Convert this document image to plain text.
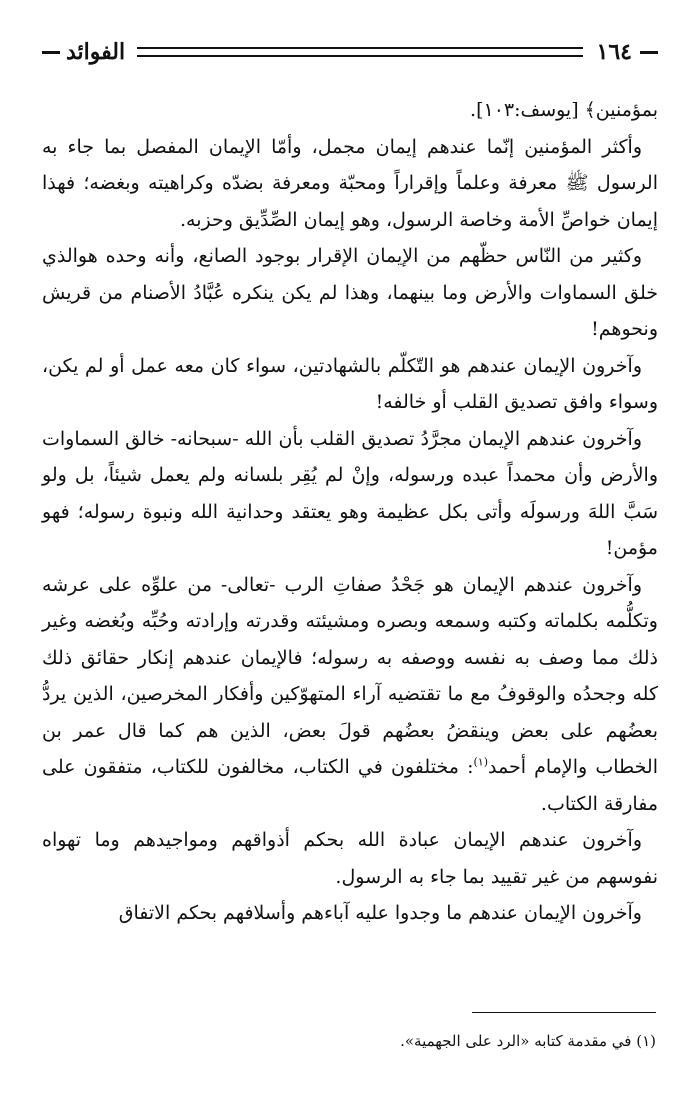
١٦٤
الفوائد

بمؤمنين﴾ [يوسف:١٠٣].

وأكثر المؤمنين إنّما عندهم إيمان مجمل، وأمّا الإيمان المفصل بما جاء به الرسول ﷺ معرفة وعلماً وإقراراً ومحبّة ومعرفة بضدّه وكراهيته وبغضه؛ فهذا إيمان خواصِّ الأمة وخاصة الرسول، وهو إيمان الصِّدِّيق وحزبه.

وكثير من النّاس حظّهم من الإيمان الإقرار بوجود الصانع، وأنه وحده هوالذي خلق السماوات والأرض وما بينهما، وهذا لم يكن ينكره عُبَّادُ الأصنام من قريش ونحوهم!

وآخرون الإيمان عندهم هو التّكلّم بالشهادتين، سواء كان معه عمل أو لم يكن، وسواء وافق تصديق القلب أو خالفه!

وآخرون عندهم الإيمان مجرَّدُ تصديق القلب بأن الله -سبحانه- خالق السماوات والأرض وأن محمداً عبده ورسوله، وإنْ لم يُقِر بلسانه ولم يعمل شيئاً، بل ولو سَبَّ اللهَ ورسولَه وأتى بكل عظيمة وهو يعتقد وحدانية الله ونبوة رسوله؛ فهو مؤمن!

وآخرون عندهم الإيمان هو جَحْدُ صفاتِ الرب -تعالى- من علوِّه على عرشه وتكلُّمه بكلماته وكتبه وسمعه وبصره ومشيئته وقدرته وإرادته وحُبِّه وبُغضه وغير ذلك مما وصف به نفسه ووصفه به رسوله؛ فالإيمان عندهم إنكار حقائق ذلك كله وجحدُه والوقوفُ مع ما تقتضيه آراء المتهوّكين وأفكار المخرصين، الذين يردُّ بعضُهم على بعض وينقضُ بعضُهم قولَ بعض، الذين هم كما قال عمر بن الخطاب والإمام أحمد$^{(١)}$: مختلفون في الكتاب، مخالفون للكتاب، متفقون على مفارقة الكتاب.

وآخرون عندهم الإيمان عبادة الله بحكم أذواقهم ومواجيدهم وما تهواه نفوسهم من غير تقييد بما جاء به الرسول.

وآخرون الإيمان عندهم ما وجدوا عليه آباءهم وأسلافهم بحكم الاتفاق

(١) في مقدمة كتابه «الرد على الجهمية».
